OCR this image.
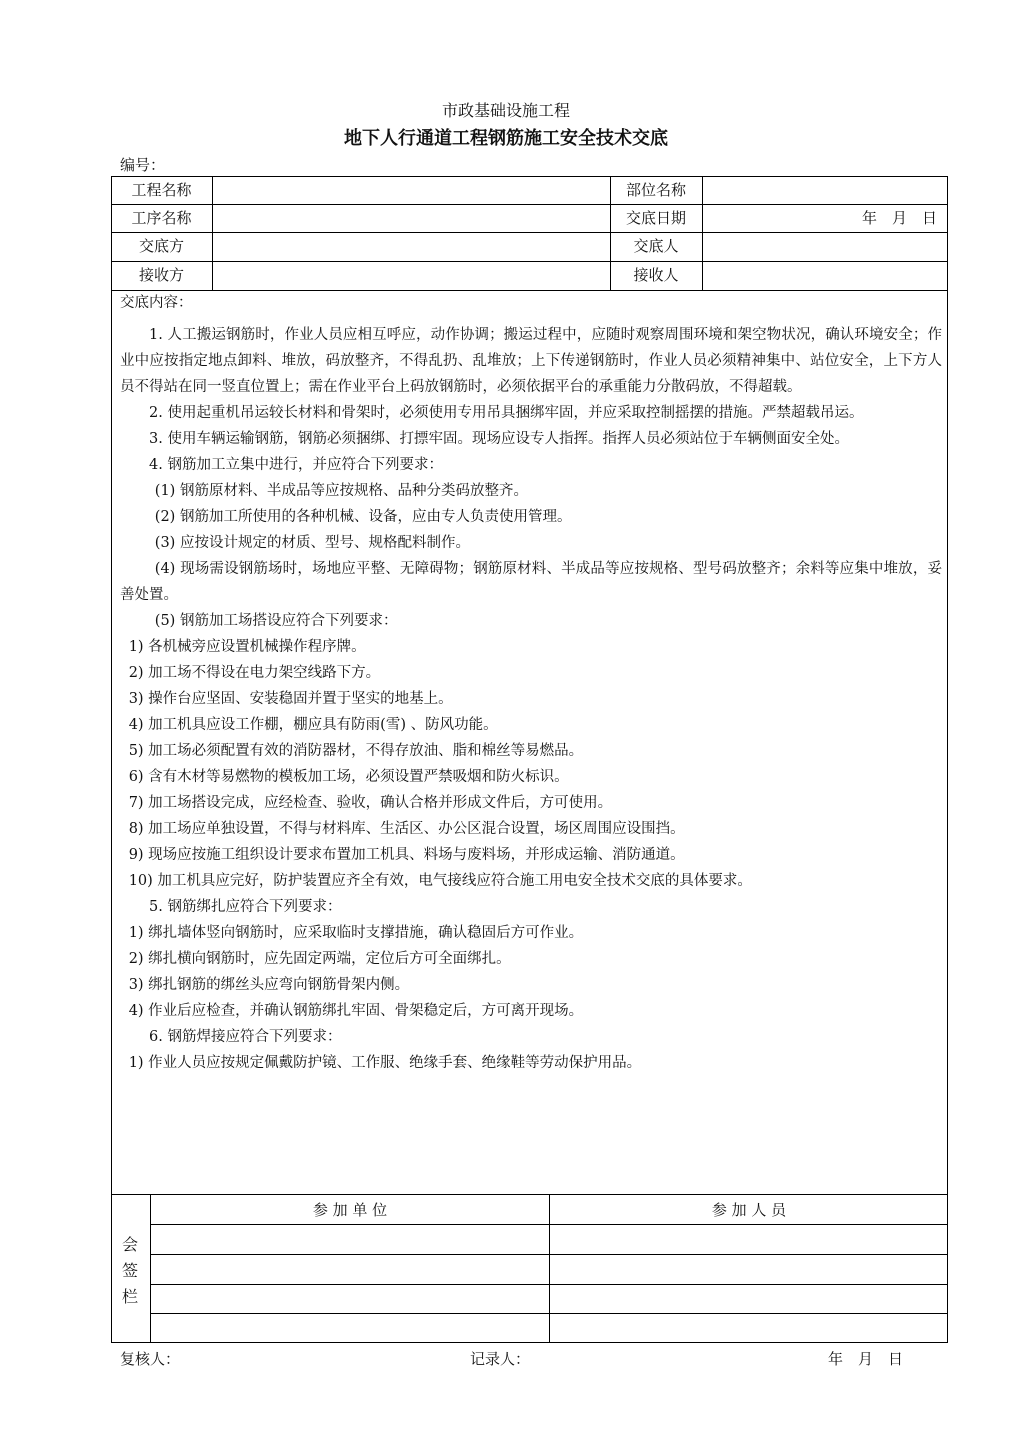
市政基础设施工程
地下人行通道工程钢筋施工安全技术交底
编号：
工程名称	部位名称
工序名称	交底日期	年　月　日
交底方	交底人
接收方	接收人
交底内容：

1. 人工搬运钢筋时，作业人员应相互呼应，动作协调；搬运过程中，应随时观察周围环境和架空物状况，确认环境安全；作业中应按指定地点卸料、堆放，码放整齐，不得乱扔、乱堆放；上下传递钢筋时，作业人员必须精神集中、站位安全，上下方人员不得站在同一竖直位置上；需在作业平台上码放钢筋时，必须依据平台的承重能力分散码放，不得超载。

2. 使用起重机吊运较长材料和骨架时，必须使用专用吊具捆绑牢固，并应采取控制摇摆的措施。严禁超载吊运。

3. 使用车辆运输钢筋，钢筋必须捆绑、打摽牢固。现场应设专人指挥。指挥人员必须站位于车辆侧面安全处。

4. 钢筋加工立集中进行，并应符合下列要求：

(1) 钢筋原材料、半成品等应按规格、品种分类码放整齐。

(2) 钢筋加工所使用的各种机械、设备，应由专人负责使用管理。

(3) 应按设计规定的材质、型号、规格配料制作。

(4) 现场需设钢筋场时，场地应平整、无障碍物；钢筋原材料、半成品等应按规格、型号码放整齐；余料等应集中堆放，妥善处置。

(5) 钢筋加工场搭设应符合下列要求：

1) 各机械旁应设置机械操作程序牌。

2) 加工场不得设在电力架空线路下方。

3) 操作台应坚固、安装稳固并置于坚实的地基上。

4) 加工机具应设工作棚，棚应具有防雨(雪) 、防风功能。

5) 加工场必须配置有效的消防器材，不得存放油、脂和棉丝等易燃品。

6) 含有木材等易燃物的模板加工场，必须设置严禁吸烟和防火标识。

7) 加工场搭设完成，应经检查、验收，确认合格并形成文件后，方可使用。

8) 加工场应单独设置，不得与材料库、生活区、办公区混合设置，场区周围应设围挡。

9) 现场应按施工组织设计要求布置加工机具、料场与废料场，并形成运输、消防通道。

10) 加工机具应完好，防护装置应齐全有效，电气接线应符合施工用电安全技术交底的具体要求。

5. 钢筋绑扎应符合下列要求：

1) 绑扎墙体竖向钢筋时，应采取临时支撑措施，确认稳固后方可作业。

2) 绑扎横向钢筋时，应先固定两端，定位后方可全面绑扎。

3) 绑扎钢筋的绑丝头应弯向钢筋骨架内侧。

4) 作业后应检查，并确认钢筋绑扎牢固、骨架稳定后，方可离开现场。

6. 钢筋焊接应符合下列要求：

1) 作业人员应按规定佩戴防护镜、工作服、绝缘手套、绝缘鞋等劳动保护用品。

参 加 单 位	参 加 人 员
会
签
栏
复核人：	记录人：	年　月　日
